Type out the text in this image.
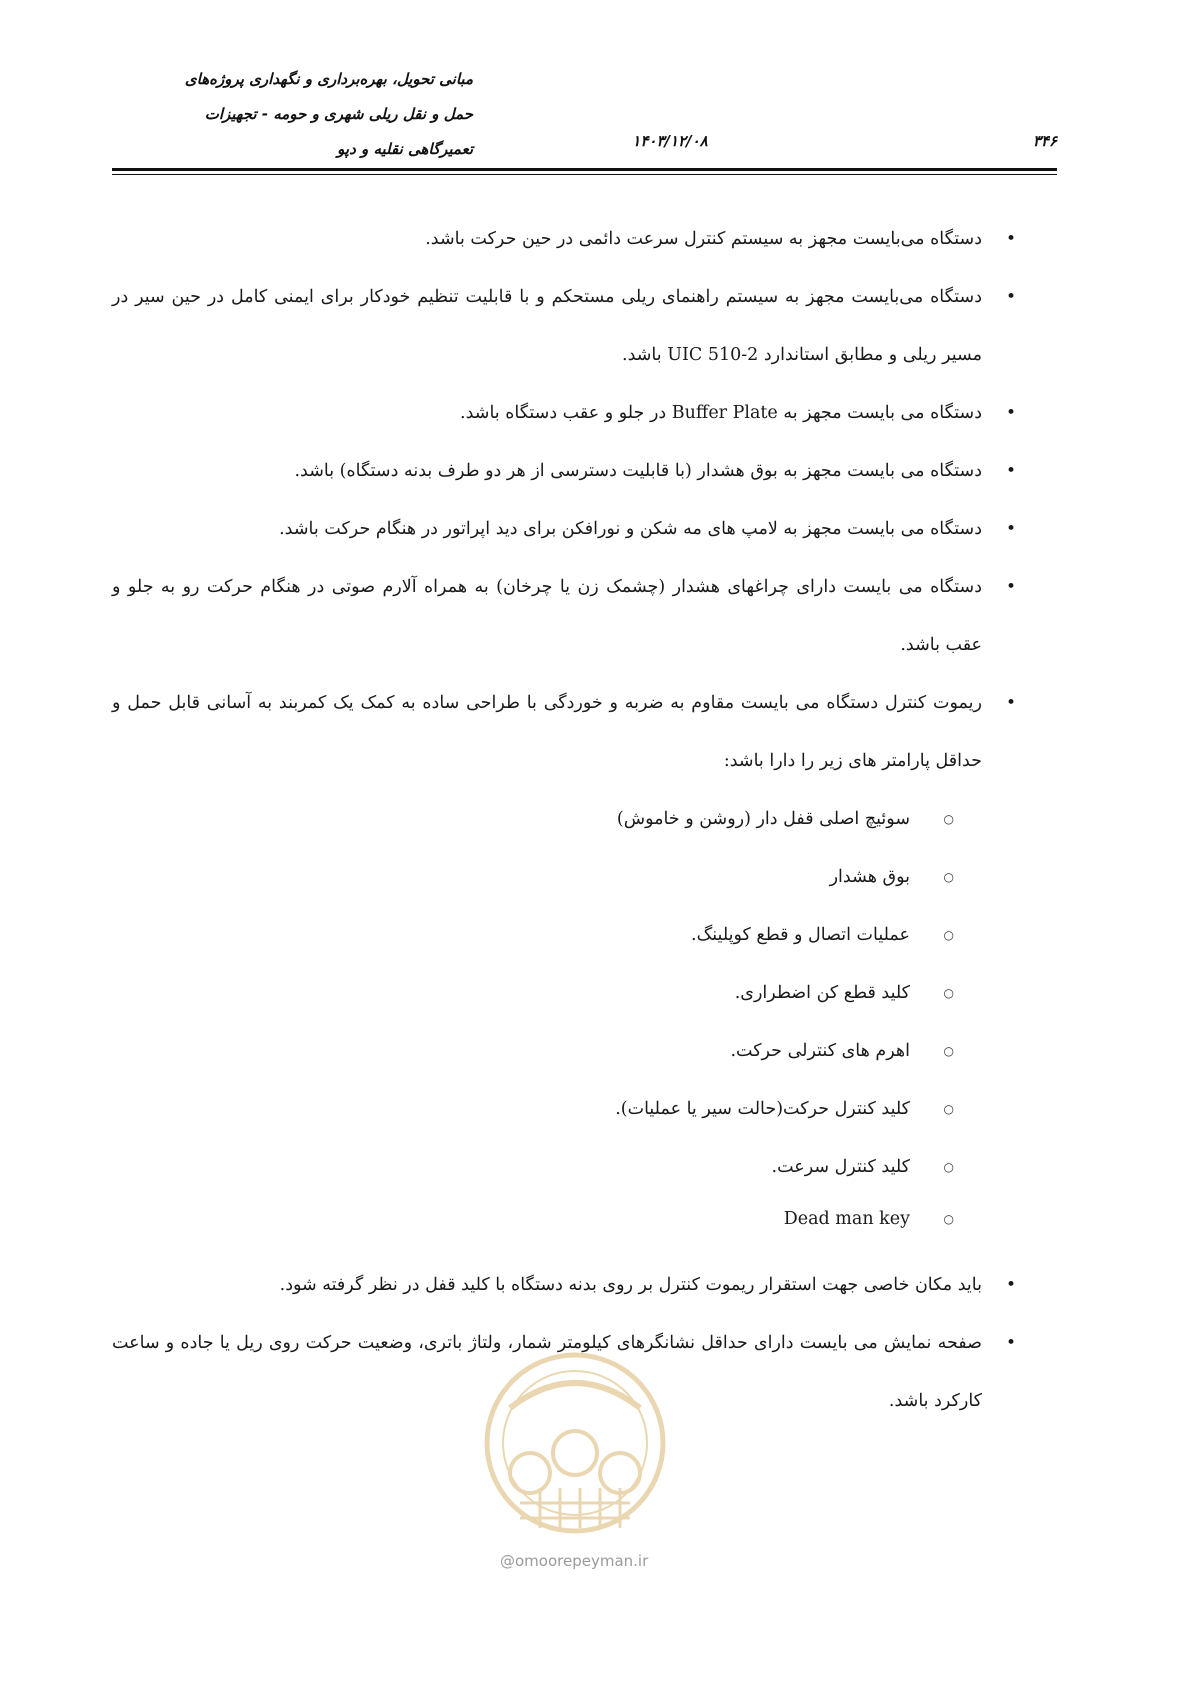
مبانی تحویل، بهره‌برداری و نگهداری پروژه‌های
حمل و نقل ریلی شهری و حومه - تجهیزات
تعمیرگاهی نقلیه و دپو	۱۴۰۳/۱۲/۰۸	۳۴۶

•
دستگاه می‌بایست مجهز به سیستم کنترل سرعت دائمی در حین حرکت باشد.

•
دستگاه می‌بایست مجهز به سیستم راهنمای ریلی مستحکم و با قابلیت تنظیم خودکار برای ایمنی کامل در حین سیر در مسیر ریلی و مطابق استاندارد UIC 510-2 باشد.

•
دستگاه می بایست مجهز به Buffer Plate در جلو و عقب دستگاه باشد.

•
دستگاه می بایست مجهز به بوق هشدار (با قابلیت دسترسی از هر دو طرف بدنه دستگاه) باشد.

•
دستگاه می بایست مجهز به لامپ های مه شکن و نورافکن برای دید اپراتور در هنگام حرکت باشد.

•
دستگاه می بایست دارای چراغهای هشدار (چشمک زن یا چرخان) به همراه آلارم صوتی در هنگام حرکت رو به جلو و عقب باشد.

•
ریموت کنترل دستگاه می بایست مقاوم به ضربه و خوردگی با طراحی ساده به کمک یک کمربند به آسانی قابل حمل و حداقل پارامتر های زیر را دارا باشد:

○
سوئیچ اصلی قفل دار (روشن و خاموش)
○
بوق هشدار
○
عملیات اتصال و قطع کوپلینگ.
○
کلید قطع کن اضطراری.
○
اهرم های کنترلی حرکت.
○
کلید کنترل حرکت(حالت سیر یا عملیات).
○
کلید کنترل سرعت.
○
Dead man key

•
باید مکان خاصی جهت استقرار ریموت کنترل بر روی بدنه دستگاه با کلید قفل در نظر گرفته شود.

•
صفحه نمایش می بایست دارای حداقل نشانگرهای کیلومتر شمار، ولتاژ باتری، وضعیت حرکت روی ریل یا جاده و ساعت کارکرد باشد.

@omoorepeyman.ir
